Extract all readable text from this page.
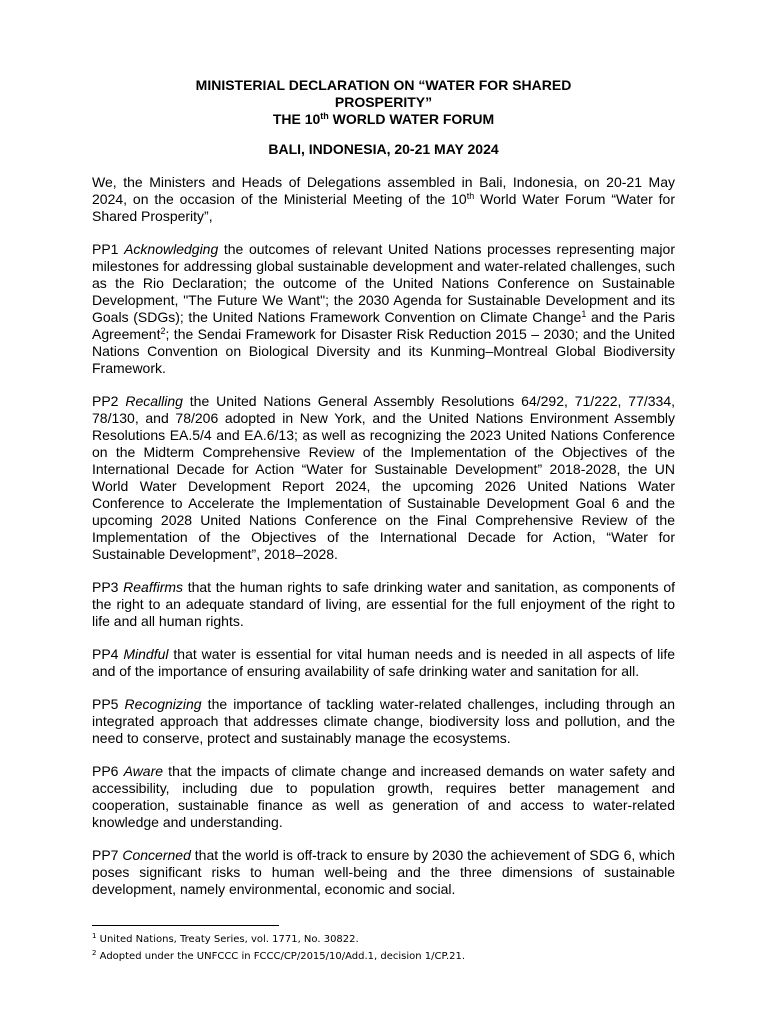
MINISTERIAL DECLARATION ON “WATER FOR SHARED
PROSPERITY”
THE 10th WORLD WATER FORUM
BALI, INDONESIA, 20-21 MAY 2024

We, the Ministers and Heads of Delegations assembled in Bali, Indonesia, on 20-21 May 2024, on the occasion of the Ministerial Meeting of the 10th World Water Forum “Water for Shared Prosperity”,

PP1 Acknowledging the outcomes of relevant United Nations processes representing major milestones for addressing global sustainable development and water-related challenges, such as the Rio Declaration; the outcome of the United Nations Conference on Sustainable Development, "The Future We Want"; the 2030 Agenda for Sustainable Development and its Goals (SDGs); the United Nations Framework Convention on Climate Change$^1$ and the Paris Agreement$^2$; the Sendai Framework for Disaster Risk Reduction 2015 – 2030; and the United Nations Convention on Biological Diversity and its Kunming–Montreal Global Biodiversity Framework.

PP2 Recalling the United Nations General Assembly Resolutions 64/292, 71/222, 77/334, 78/130, and 78/206 adopted in New York, and the United Nations Environment Assembly Resolutions EA.5/4 and EA.6/13; as well as recognizing the 2023 United Nations Conference on the Midterm Comprehensive Review of the Implementation of the Objectives of the International Decade for Action “Water for Sustainable Development” 2018-2028, the UN World Water Development Report 2024, the upcoming 2026 United Nations Water Conference to Accelerate the Implementation of Sustainable Development Goal 6 and the upcoming 2028 United Nations Conference on the Final Comprehensive Review of the Implementation of the Objectives of the International Decade for Action, “Water for Sustainable Development”, 2018–2028.

PP3 Reaffirms that the human rights to safe drinking water and sanitation, as components of the right to an adequate standard of living, are essential for the full enjoyment of the right to life and all human rights.

PP4 Mindful that water is essential for vital human needs and is needed in all aspects of life and of the importance of ensuring availability of safe drinking water and sanitation for all.

PP5 Recognizing the importance of tackling water-related challenges, including through an integrated approach that addresses climate change, biodiversity loss and pollution, and the need to conserve, protect and sustainably manage the ecosystems.

PP6 Aware that the impacts of climate change and increased demands on water safety and accessibility, including due to population growth, requires better management and cooperation, sustainable finance as well as generation of and access to water-related knowledge and understanding.

PP7 Concerned that the world is off-track to ensure by 2030 the achievement of SDG 6, which poses significant risks to human well-being and the three dimensions of sustainable development, namely environmental, economic and social.

$^1$ United Nations, Treaty Series, vol. 1771, No. 30822.
$^2$ Adopted under the UNFCCC in FCCC/CP/2015/10/Add.1, decision 1/CP.21.
